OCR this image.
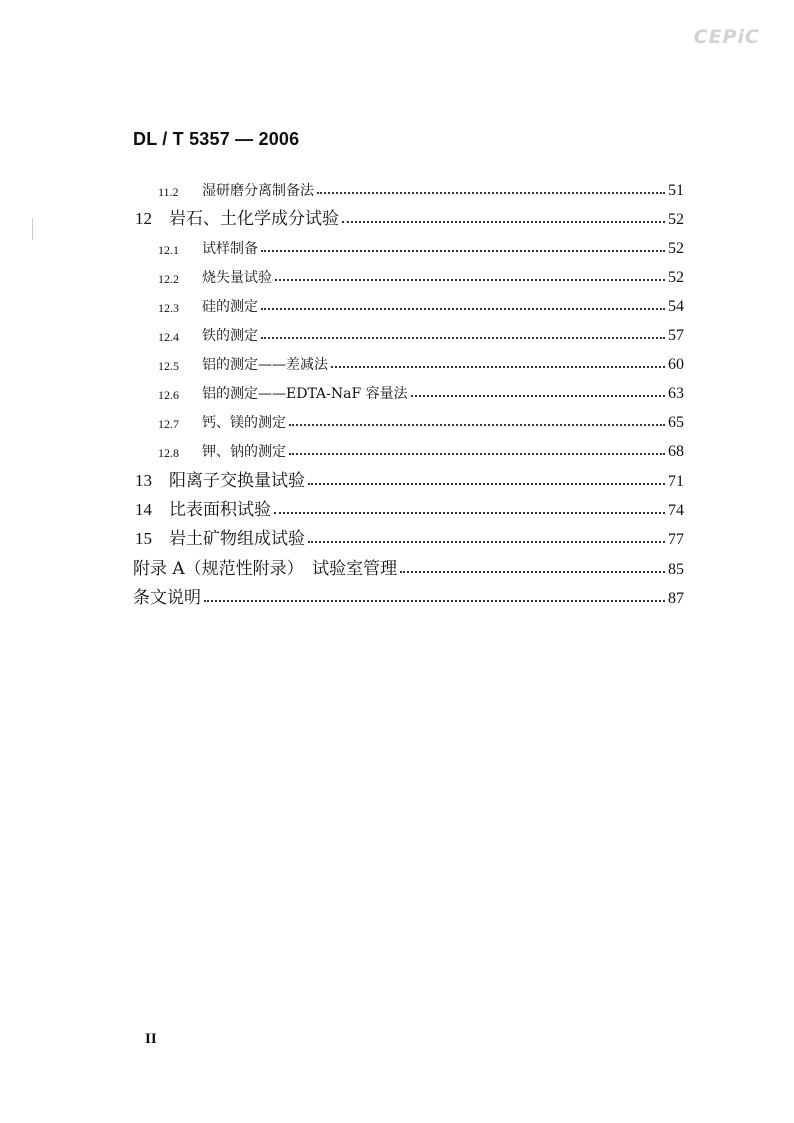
CEPiC
DL / T 5357 — 2006
11.2	湿研磨分离制备法	51
12	岩石、土化学成分试验	52
12.1	试样制备	52
12.2	烧失量试验	52
12.3	硅的测定	54
12.4	铁的测定	57
12.5	铝的测定——差减法	60
12.6	铝的测定——EDTA-NaF 容量法	63
12.7	钙、镁的测定	65
12.8	钾、钠的测定	68
13	阳离子交换量试验	71
14	比表面积试验	74
15	岩土矿物组成试验	77
附录 A（规范性附录）　试验室管理	85
条文说明	87
II
